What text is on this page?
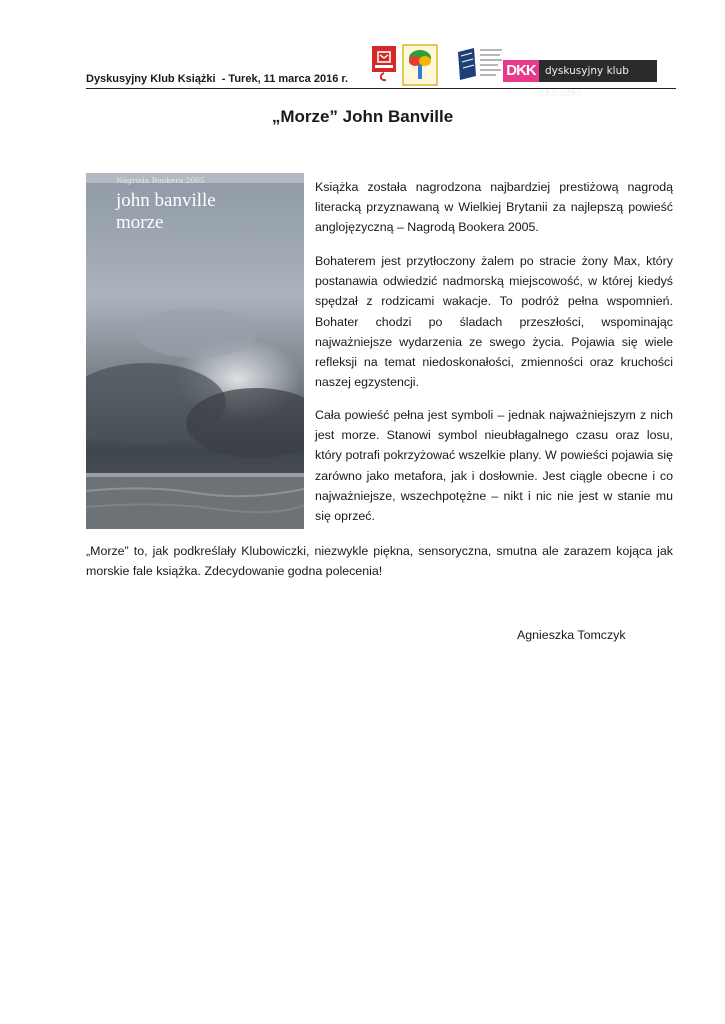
Dyskusyjny Klub Książki  - Turek, 11 marca 2016 r.	DKK dyskusyjny klub książki
„Morze” John Banville
Nagroda Bookera 2005
john banville
morze

Książka została nagrodzona najbardziej prestiżową nagrodą literacką przyznawaną w Wielkiej Brytanii za najlepszą powieść anglojęzyczną – Nagrodą Bookera 2005.

Bohaterem jest przytłoczony żalem po stracie żony Max, który postanawia odwiedzić nadmorską miejscowość, w której kiedyś spędzał z rodzicami wakacje. To podróż pełna wspomnień. Bohater chodzi po śladach przeszłości, wspominając najważniejsze wydarzenia ze swego życia. Pojawia się wiele refleksji na temat niedoskonałości, zmienności oraz kruchości naszej egzystencji.

Cała powieść pełna jest symboli – jednak najważniejszym z nich jest morze. Stanowi symbol nieubłagalnego czasu oraz losu, który potrafi pokrzyżować wszelkie plany. W powieści pojawia się zarówno jako metafora, jak i dosłownie. Jest ciągle obecne i co najważniejsze, wszechpotężne – nikt i nic nie jest w stanie mu się oprzeć.

„Morze” to, jak podkreślały Klubowiczki, niezwykle piękna, sensoryczna, smutna ale zarazem kojąca jak morskie fale książka. Zdecydowanie godna polecenia!

Agnieszka Tomczyk
